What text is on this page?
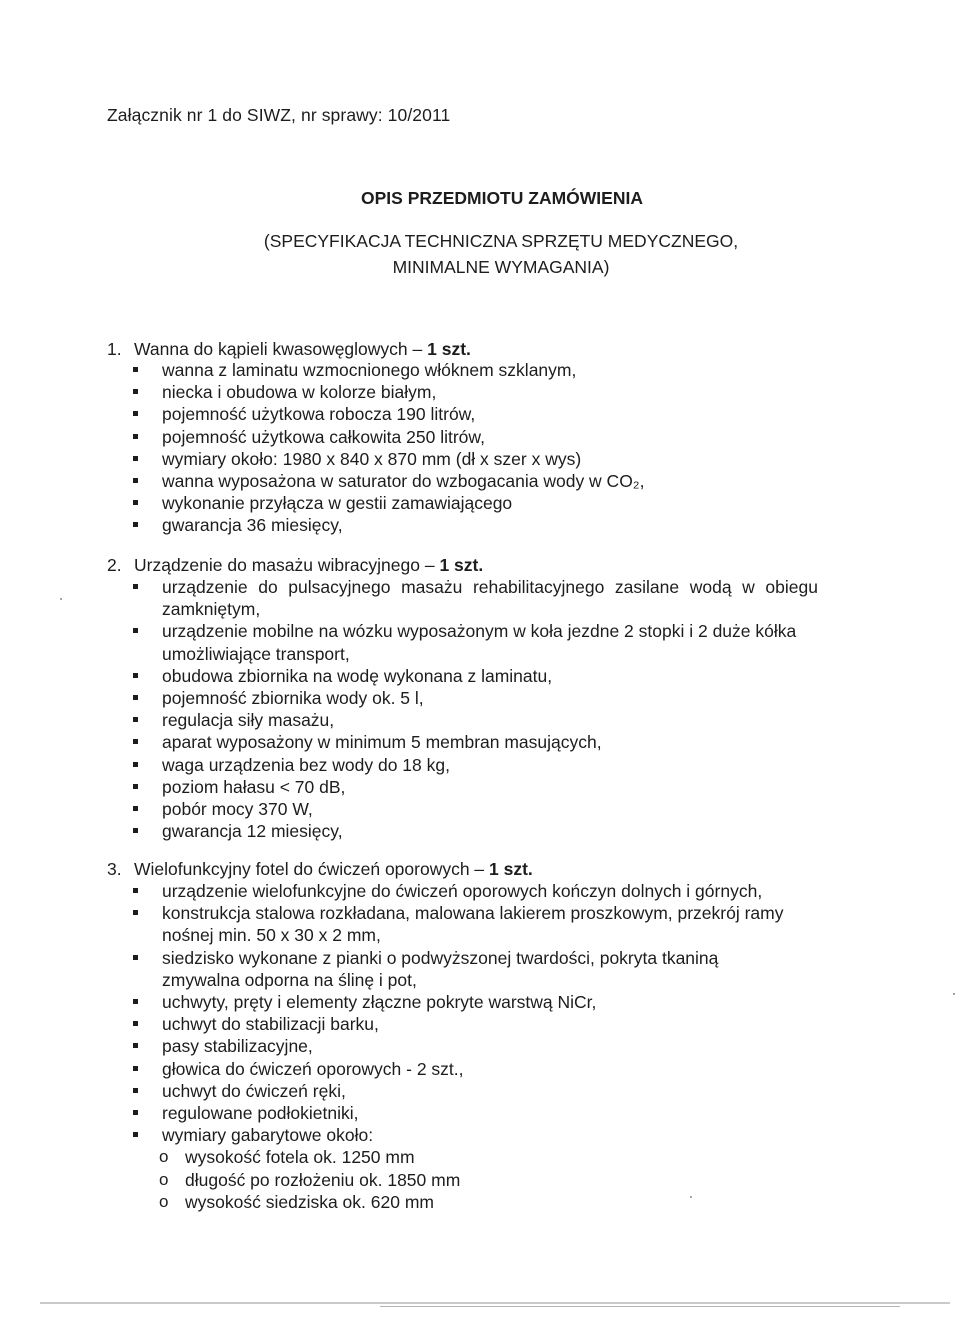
Załącznik nr 1 do SIWZ, nr sprawy: 10/2011
OPIS PRZEDMIOTU ZAMÓWIENIA
(SPECYFIKACJA TECHNICZNA SPRZĘTU MEDYCZNEGO,
MINIMALNE WYMAGANIA)
1. Wanna do kąpieli kwasowęglowych – 1 szt.
wanna z laminatu wzmocnionego włóknem szklanym,
niecka i obudowa w kolorze białym,
pojemność użytkowa robocza 190 litrów,
pojemność użytkowa całkowita 250 litrów,
wymiary około: 1980 x 840 x 870 mm (dł x szer x wys)
wanna wyposażona w saturator do wzbogacania wody w CO₂,
wykonanie przyłącza w gestii zamawiającego
gwarancja 36 miesięcy,
2. Urządzenie do masażu wibracyjnego – 1 szt.
urządzenie do pulsacyjnego masażu rehabilitacyjnego zasilane wodą w obiegu zamkniętym,
urządzenie mobilne na wózku wyposażonym w koła jezdne 2 stopki i 2 duże kółka umożliwiające transport,
obudowa zbiornika na wodę wykonana z laminatu,
pojemność zbiornika wody ok. 5 l,
regulacja siły masażu,
aparat wyposażony w minimum 5 membran masujących,
waga urządzenia bez wody do 18 kg,
poziom hałasu < 70 dB,
pobór mocy 370 W,
gwarancja 12 miesięcy,
3. Wielofunkcyjny fotel do ćwiczeń oporowych – 1 szt.
urządzenie wielofunkcyjne do ćwiczeń oporowych kończyn dolnych i górnych,
konstrukcja stalowa rozkładana, malowana lakierem proszkowym, przekrój ramy nośnej min. 50 x 30 x 2 mm,
siedzisko wykonane z pianki o podwyższonej twardości, pokryta tkaniną zmywalna odporna na ślinę i pot,
uchwyty, pręty i elementy złączne pokryte warstwą NiCr,
uchwyt do stabilizacji barku,
pasy stabilizacyjne,
głowica do ćwiczeń oporowych - 2 szt.,
uchwyt do ćwiczeń ręki,
regulowane podłokietniki,
wymiary gabarytowe około:
o wysokość fotela ok. 1250 mm
o długość po rozłożeniu ok. 1850 mm
o wysokość siedziska ok. 620 mm
